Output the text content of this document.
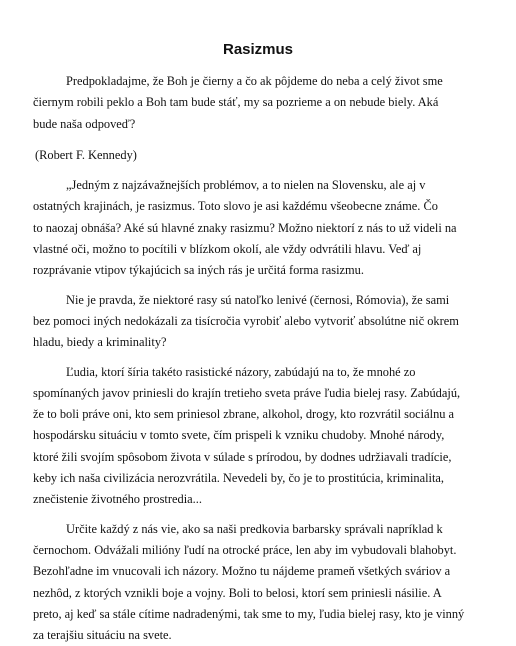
Rasizmus

Predpokladajme, že Boh je čierny a čo ak pôjdeme do neba a celý život sme
čiernym robili peklo a Boh tam bude stáť, my sa pozrieme a on nebude biely. Aká
bude naša odpoveď?

(Robert F. Kennedy)

„Jedným z najzávažnejších problémov, a to nielen na Slovensku, ale aj v
ostatných krajinách, je rasizmus. Toto slovo je asi každému všeobecne známe. Čo
to naozaj obnáša? Aké sú hlavné znaky rasizmu? Možno niektorí z nás to už videli na
vlastné oči, možno to pocítili v blízkom okolí, ale vždy odvrátili hlavu. Veď aj
rozprávanie vtipov týkajúcich sa iných rás je určitá forma rasizmu.

Nie je pravda, že niektoré rasy sú natoľko lenivé (černosi, Rómovia), že sami
bez pomoci iných nedokázali za tisícročia vyrobiť alebo vytvoriť absolútne nič okrem
hladu, biedy a kriminality?

Ľudia, ktorí šíria takéto rasistické názory, zabúdajú na to, že mnohé zo
spomínaných javov priniesli do krajín tretieho sveta práve ľudia bielej rasy. Zabúdajú,
že to boli práve oni, kto sem priniesol zbrane, alkohol, drogy, kto rozvrátil sociálnu a
hospodársku situáciu v tomto svete, čím prispeli k vzniku chudoby. Mnohé národy,
ktoré žili svojím spôsobom života v súlade s prírodou, by dodnes udržiavali tradície,
keby ich naša civilizácia nerozvrátila. Nevedeli by, čo je to prostitúcia, kriminalita,
znečistenie životného prostredia...

Určite každý z nás vie, ako sa naši predkovia barbarsky správali napríklad k
černochom. Odvážali milióny ľudí na otrocké práce, len aby im vybudovali blahobyt.
Bezohľadne im vnucovali ich názory. Možno tu nájdeme prameň všetkých sváriov a
nezhôd, z ktorých vznikli boje a vojny. Boli to belosi, ktorí sem priniesli násilie. A
preto, aj keď sa stále cítime nadradenými, tak sme to my, ľudia bielej rasy, kto je vinný
za terajšiu situáciu na svete.
